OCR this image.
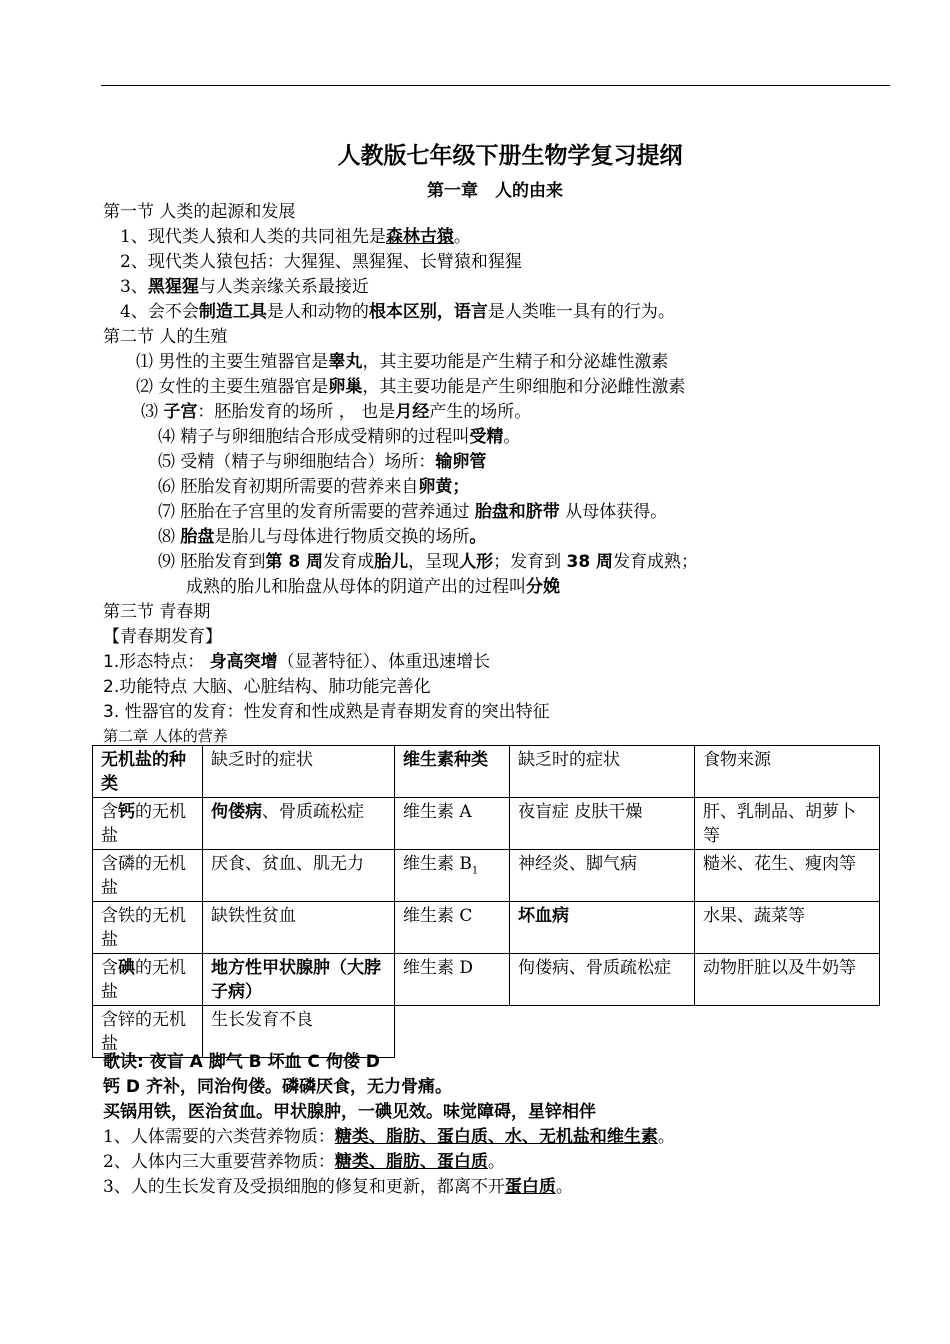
人教版七年级下册生物学复习提纲
第一章　人的由来
第一节 人类的起源和发展
1、现代类人猿和人类的共同祖先是森林古猿。
2、现代类人猿包括：大猩猩、黑猩猩、长臂猿和猩猩
3、黑猩猩与人类亲缘关系最接近
4、会不会制造工具是人和动物的根本区别，语言是人类唯一具有的行为。
第二节 人的生殖
⑴ 男性的主要生殖器官是睾丸，其主要功能是产生精子和分泌雄性激素
⑵ 女性的主要生殖器官是卵巢，其主要功能是产生卵细胞和分泌雌性激素
⑶ 子宫：胚胎发育的场所 ， 也是月经产生的场所。
⑷ 精子与卵细胞结合形成受精卵的过程叫受精。
⑸ 受精（精子与卵细胞结合）场所：输卵管
⑹ 胚胎发育初期所需要的营养来自卵黄；
⑺ 胚胎在子宫里的发育所需要的营养通过 胎盘和脐带 从母体获得。
⑻ 胎盘是胎儿与母体进行物质交换的场所。
⑼ 胚胎发育到第 8 周发育成胎儿，呈现人形；发育到 38 周发育成熟；
成熟的胎儿和胎盘从母体的阴道产出的过程叫分娩
第三节 青春期
【青春期发育】
1.形态特点： 身高突增（显著特征）、体重迅速增长
2.功能特点 大脑、心脏结构、肺功能完善化
3. 性器官的发育：性发育和性成熟是青春期发育的突出特征
第二章 人体的营养
无机盐的种类	缺乏时的症状	维生素种类	缺乏时的症状	食物来源
含钙的无机盐	佝偻病、骨质疏松症	维生素 A	夜盲症 皮肤干燥	肝、乳制品、胡萝卜等
含磷的无机盐	厌食、贫血、肌无力	维生素 $B_1$	神经炎、脚气病	糙米、花生、瘦肉等
含铁的无机盐	缺铁性贫血	维生素 C	坏血病	水果、蔬菜等
含碘的无机盐	地方性甲状腺肿（大脖子病）	维生素 D	佝偻病、骨质疏松症	动物肝脏以及牛奶等
含锌的无机盐	生长发育不良			
歌诀: 夜盲 A 脚气 B 坏血 C 佝偻 D
钙 D 齐补，同治佝偻。磷磷厌食，无力骨痛。
买锅用铁，医治贫血。甲状腺肿，一碘见效。味觉障碍，星锌相伴
1、人体需要的六类营养物质：糖类、脂肪、蛋白质、水、无机盐和维生素。
2、人体内三大重要营养物质：糖类、脂肪、蛋白质。
3、人的生长发育及受损细胞的修复和更新，都离不开蛋白质。
